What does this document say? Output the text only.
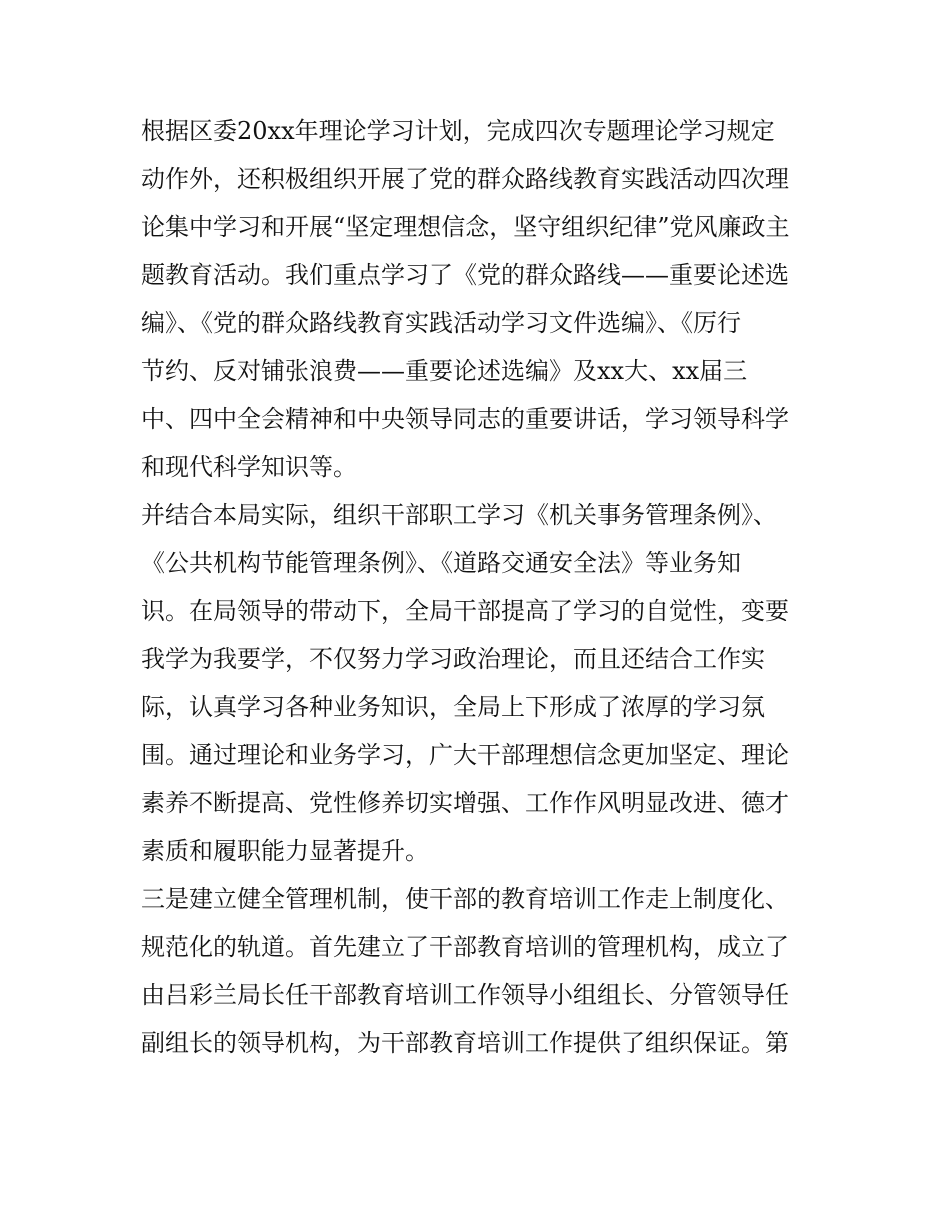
根据区委20xx年理论学习计划，完成四次专题理论学习规定
动作外，还积极组织开展了党的群众路线教育实践活动四次理
论集中学习和开展“坚定理想信念，坚守组织纪律”党风廉政主
题教育活动。我们重点学习了《党的群众路线——重要论述选
编》、《党的群众路线教育实践活动学习文件选编》、《厉行
节约、反对铺张浪费——重要论述选编》及xx大、xx届三
中、四中全会精神和中央领导同志的重要讲话，学习领导科学
和现代科学知识等。
并结合本局实际，组织干部职工学习《机关事务管理条例》、
《公共机构节能管理条例》、《道路交通安全法》等业务知
识。在局领导的带动下，全局干部提高了学习的自觉性，变要
我学为我要学，不仅努力学习政治理论，而且还结合工作实
际，认真学习各种业务知识，全局上下形成了浓厚的学习氛
围。通过理论和业务学习，广大干部理想信念更加坚定、理论
素养不断提高、党性修养切实增强、工作作风明显改进、德才
素质和履职能力显著提升。
三是建立健全管理机制，使干部的教育培训工作走上制度化、
规范化的轨道。首先建立了干部教育培训的管理机构，成立了
由吕彩兰局长任干部教育培训工作领导小组组长、分管领导任
副组长的领导机构，为干部教育培训工作提供了组织保证。第
